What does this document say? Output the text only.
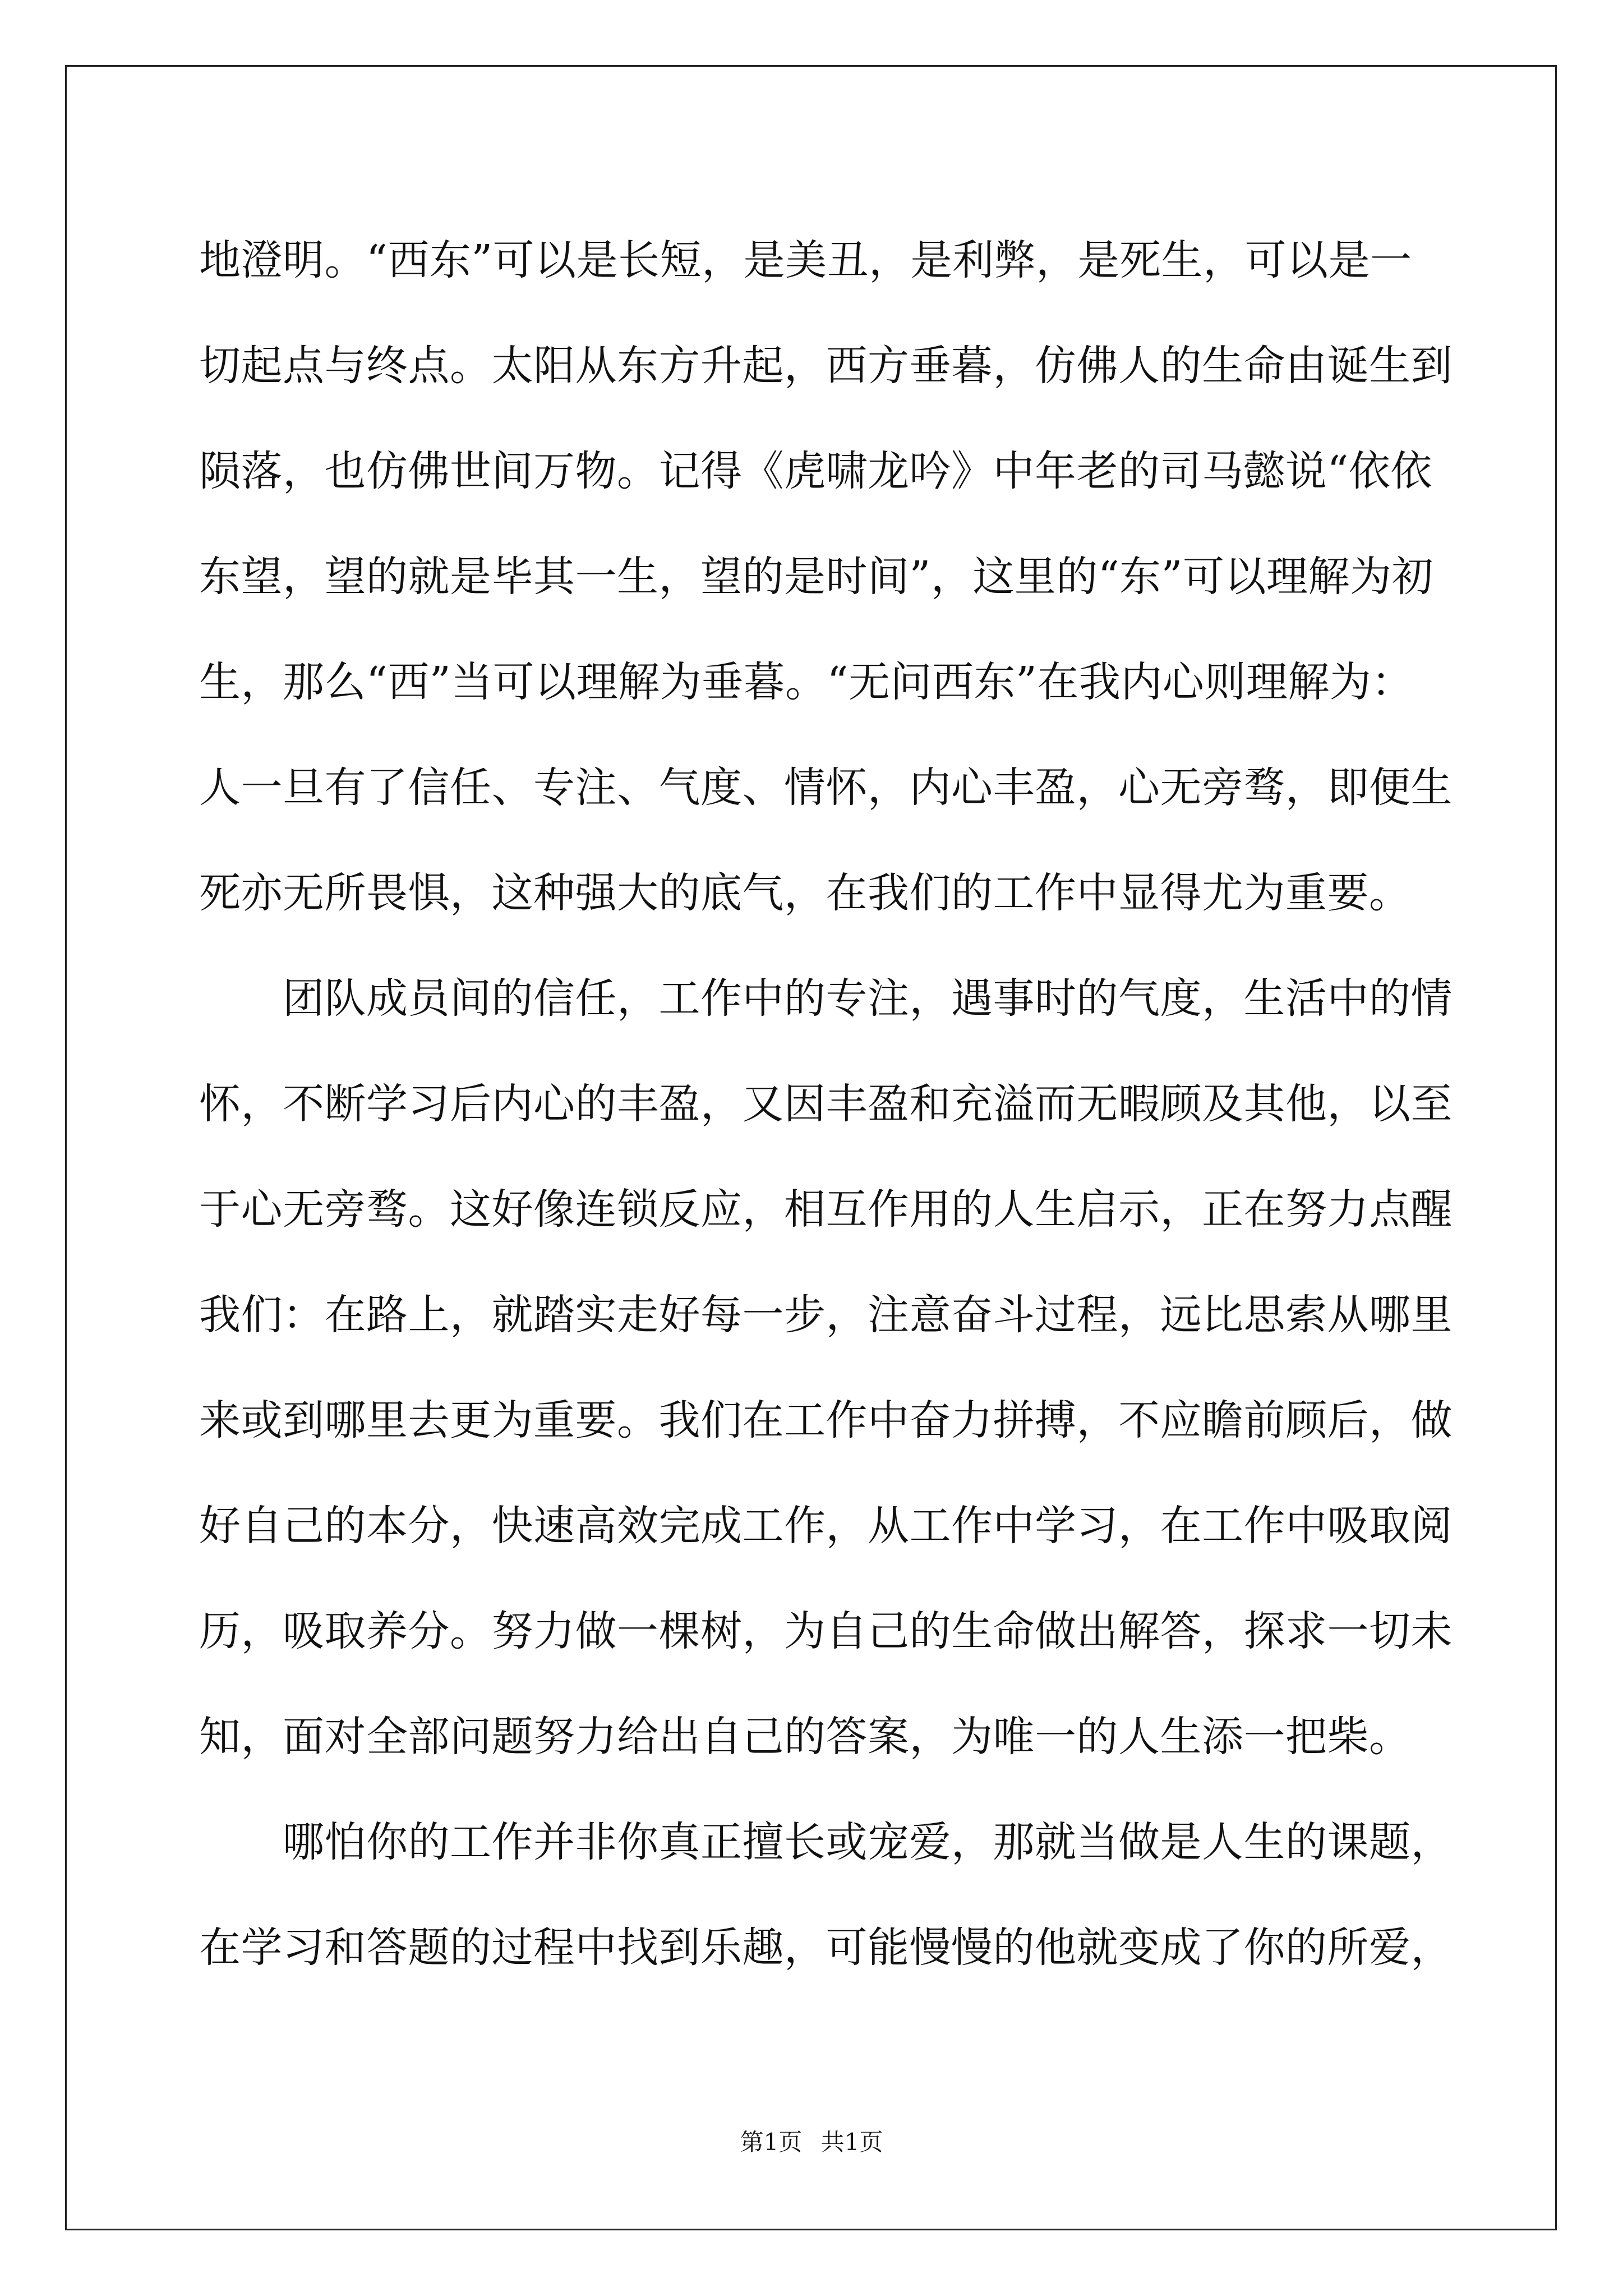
地澄明。“西东”可以是长短，是美丑，是利弊，是死生，可以是一
切起点与终点。太阳从东方升起，西方垂暮，仿佛人的生命由诞生到
陨落，也仿佛世间万物。记得《虎啸龙吟》中年老的司马懿说“依依
东望，望的就是毕其一生，望的是时间”，这里的“东”可以理解为初
生，那么“西”当可以理解为垂暮。“无问西东”在我内心则理解为：
人一旦有了信任、专注、气度、情怀，内心丰盈，心无旁骛，即便生
死亦无所畏惧，这种强大的底气，在我们的工作中显得尤为重要。
　　团队成员间的信任，工作中的专注，遇事时的气度，生活中的情
怀，不断学习后内心的丰盈，又因丰盈和充溢而无暇顾及其他，以至
于心无旁骛。这好像连锁反应，相互作用的人生启示，正在努力点醒
我们：在路上，就踏实走好每一步，注意奋斗过程，远比思索从哪里
来或到哪里去更为重要。我们在工作中奋力拼搏，不应瞻前顾后，做
好自己的本分，快速高效完成工作，从工作中学习，在工作中吸取阅
历，吸取养分。努力做一棵树，为自己的生命做出解答，探求一切未
知，面对全部问题努力给出自己的答案，为唯一的人生添一把柴。
　　哪怕你的工作并非你真正擅长或宠爱，那就当做是人生的课题，
在学习和答题的过程中找到乐趣，可能慢慢的他就变成了你的所爱，
第1页 共1页
